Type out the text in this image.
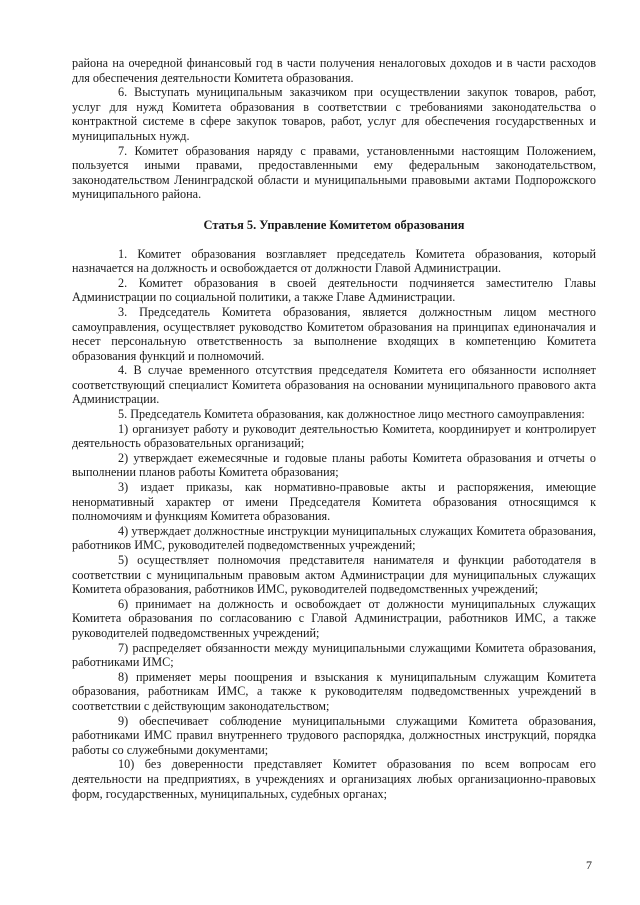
района на очередной финансовый год в части получения неналоговых доходов и в части расходов для обеспечения деятельности Комитета образования.

6. Выступать муниципальным заказчиком при осуществлении закупок товаров, работ, услуг для нужд Комитета образования в соответствии с требованиями законодательства о контрактной системе в сфере закупок товаров, работ, услуг для обеспечения государственных и муниципальных нужд.

7. Комитет образования наряду с правами, установленными настоящим Положением, пользуется иными правами, предоставленными ему федеральным законодательством, законодательством Ленинградской области и муниципальными правовыми актами Подпорожского муниципального района.

Статья 5. Управление Комитетом образования

1. Комитет образования возглавляет председатель Комитета образования, который назначается на должность и освобождается от должности Главой Администрации.

2. Комитет образования в своей деятельности подчиняется заместителю Главы Администрации по социальной политики, а также Главе Администрации.

3. Председатель Комитета образования, является должностным лицом местного самоуправления, осуществляет руководство Комитетом образования на принципах единоначалия и несет персональную ответственность за выполнение входящих в компетенцию Комитета образования функций и полномочий.

4. В случае временного отсутствия председателя Комитета его обязанности исполняет соответствующий специалист Комитета образования на основании муниципального правового акта Администрации.

5. Председатель Комитета образования, как должностное лицо местного самоуправления:

1) организует работу и руководит деятельностью Комитета, координирует и контролирует деятельность образовательных организаций;

2) утверждает ежемесячные и годовые планы работы Комитета образования и отчеты о выполнении планов работы Комитета образования;

3) издает приказы, как нормативно-правовые акты и распоряжения, имеющие ненормативный характер от имени Председателя Комитета образования относящимся к полномочиям и функциям Комитета образования.

4) утверждает должностные инструкции муниципальных служащих Комитета образования, работников ИМС, руководителей подведомственных учреждений;

5) осуществляет полномочия представителя нанимателя и функции работодателя в соответствии с муниципальным правовым актом Администрации для муниципальных служащих Комитета образования, работников ИМС, руководителей подведомственных учреждений;

6) принимает на должность и освобождает от должности муниципальных служащих Комитета образования по согласованию с Главой Администрации, работников ИМС, а также руководителей подведомственных учреждений;

7) распределяет обязанности между муниципальными служащими Комитета образования, работниками ИМС;

8) применяет меры поощрения и взыскания к муниципальным служащим Комитета образования, работникам ИМС, а также к руководителям подведомственных учреждений в соответствии с действующим законодательством;

9) обеспечивает соблюдение муниципальными служащими Комитета образования, работниками ИМС правил внутреннего трудового распорядка, должностных инструкций, порядка работы со служебными документами;

10) без доверенности представляет Комитет образования по всем вопросам его деятельности на предприятиях, в учреждениях и организациях любых организационно-правовых форм, государственных, муниципальных, судебных органах;

7
